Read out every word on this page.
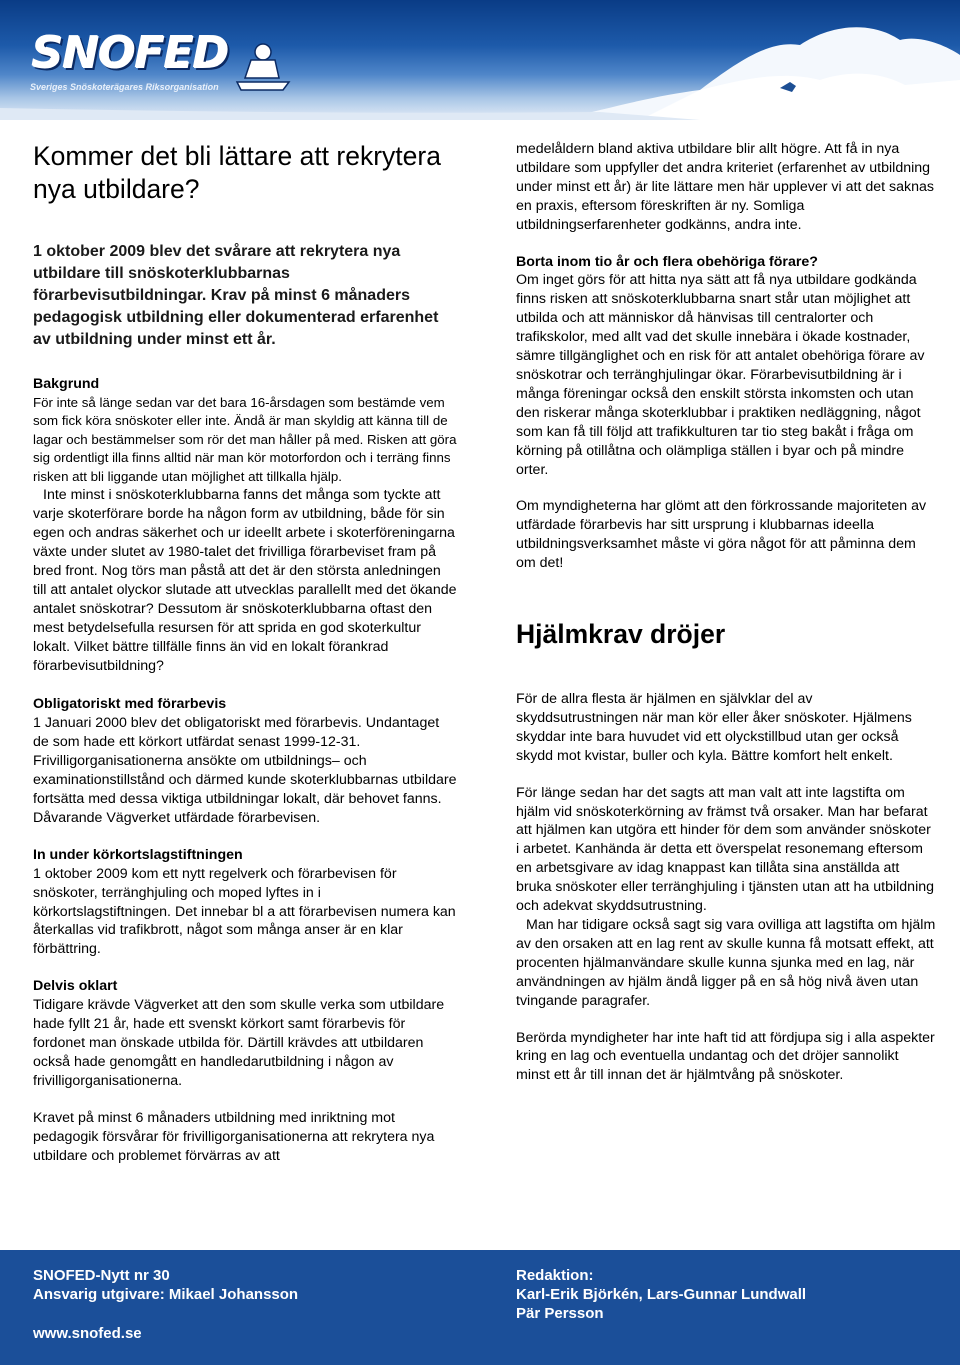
SNOFED
Sveriges Snöskoterägares Riksorganisation
Kommer det bli lättare att rekrytera nya utbildare?

1 oktober 2009 blev det svårare att rekrytera nya utbildare till snöskoterklubbarnas förarbevisutbildningar. Krav på minst 6 månaders pedagogisk utbildning eller dokumenterad erfarenhet av utbildning under minst ett år.

Bakgrund

För inte så länge sedan var det bara 16-årsdagen som bestämde vem som fick köra snöskoter eller inte. Ändå är man skyldig att känna till de lagar och bestämmelser som rör det man håller på med. Risken att göra sig ordentligt illa finns alltid när man kör motorfordon och i terräng finns risken att bli liggande utan möjlighet att tillkalla hjälp.

Inte minst i snöskoterklubbarna fanns det många som tyckte att varje skoterförare borde ha någon form av utbildning, både för sin egen och andras säkerhet och ur ideellt arbete i skoterföreningarna växte under slutet av 1980-talet det frivilliga förarbeviset fram på bred front. Nog törs man påstå att det är den största anledningen till att antalet olyckor slutade att utvecklas parallellt med det ökande antalet snöskotrar? Dessutom är snöskoterklubbarna oftast den mest betydelsefulla resursen för att sprida en god skoterkultur lokalt. Vilket bättre tillfälle finns än vid en lokalt förankrad förarbevisutbildning?

Obligatoriskt med förarbevis

1 Januari 2000 blev det obligatoriskt med förarbevis. Undantaget de som hade ett körkort utfärdat senast 1999-12-31. Frivilligorganisationerna ansökte om utbildnings– och examinationstillstånd och därmed kunde skoterklubbarnas utbildare fortsätta med dessa viktiga utbildningar lokalt, där behovet fanns. Dåvarande Vägverket utfärdade förarbevisen.

In under körkortslagstiftningen

1 oktober 2009 kom ett nytt regelverk och förarbevisen för snöskoter, terränghjuling och moped lyftes in i körkortslagstiftningen. Det innebar bl a att förarbevisen numera kan återkallas vid trafikbrott, något som många anser är en klar förbättring.

Delvis oklart

Tidigare krävde Vägverket att den som skulle verka som utbildare hade fyllt 21 år, hade ett svenskt körkort samt förarbevis för fordonet man önskade utbilda för. Därtill krävdes att utbildaren också hade genomgått en handledarutbildning i någon av frivilligorganisationerna.

Kravet på minst 6 månaders utbildning med inriktning mot pedagogik försvårar för frivilligorganisationerna att rekrytera nya utbildare och problemet förvärras av att

medelåldern bland aktiva utbildare blir allt högre. Att få in nya utbildare som uppfyller det andra kriteriet (erfarenhet av utbildning under minst ett år) är lite lättare men här upplever vi att det saknas en praxis, eftersom föreskriften är ny. Somliga utbildningserfarenheter godkänns, andra inte.

Borta inom tio år och flera obehöriga förare?

Om inget görs för att hitta nya sätt att få nya utbildare godkända finns risken att snöskoterklubbarna snart står utan möjlighet att utbilda och att människor då hänvisas till centralorter och trafikskolor, med allt vad det skulle innebära i ökade kostnader, sämre tillgänglighet och en risk för att antalet obehöriga förare av snöskotrar och terränghjulingar ökar. Förarbevisutbildning är i många föreningar också den enskilt största inkomsten och utan den riskerar många skoterklubbar i praktiken nedläggning, något som kan få till följd att trafikkulturen tar tio steg bakåt i fråga om körning på otillåtna och olämpliga ställen i byar och på mindre orter.

Om myndigheterna har glömt att den förkrossande majoriteten av utfärdade förarbevis har sitt ursprung i klubbarnas ideella utbildningsverksamhet måste vi göra något för att påminna dem om det!

Hjälmkrav dröjer

För de allra flesta är hjälmen en självklar del av skyddsutrustningen när man kör eller åker snöskoter. Hjälmens skyddar inte bara huvudet vid ett olyckstillbud utan ger också skydd mot kvistar, buller och kyla. Bättre komfort helt enkelt.

För länge sedan har det sagts att man valt att inte lagstifta om hjälm vid snöskoterkörning av främst två orsaker. Man har befarat att hjälmen kan utgöra ett hinder för dem som använder snöskoter i arbetet. Kanhända är detta ett överspelat resonemang eftersom en arbetsgivare av idag knappast kan tillåta sina anställda att bruka snöskoter eller terränghjuling i tjänsten utan att ha utbildning och adekvat skyddsutrustning.

Man har tidigare också sagt sig vara ovilliga att lagstifta om hjälm av den orsaken att en lag rent av skulle kunna få motsatt effekt, att procenten hjälmanvändare skulle kunna sjunka med en lag, när användningen av hjälm ändå ligger på en så hög nivå även utan tvingande paragrafer.

Berörda myndigheter har inte haft tid att fördjupa sig i alla aspekter kring en lag och eventuella undantag och det dröjer sannolikt minst ett år till innan det är hjälmtvång på snöskoter.

SNOFED-Nytt nr 30

Ansvarig utgivare: Mikael Johansson

www.snofed.se

Redaktion:

Karl-Erik Björkén, Lars-Gunnar Lundwall

Pär Persson
